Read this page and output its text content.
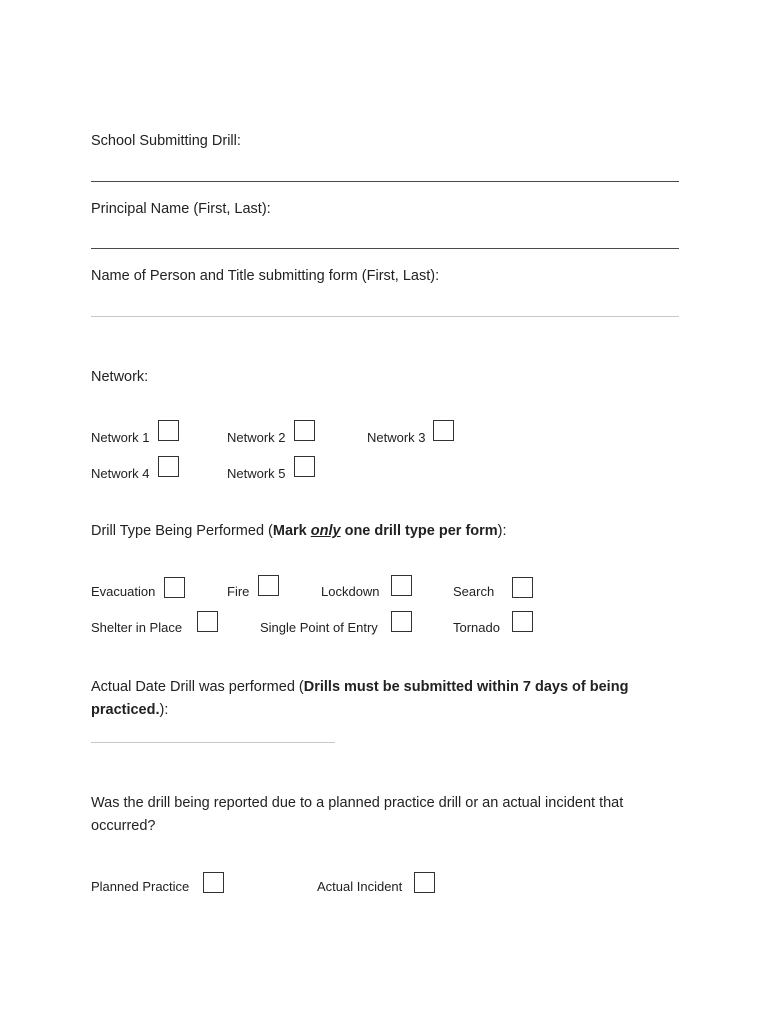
School Submitting Drill:
Principal Name (First, Last):
Name of Person and Title submitting form (First, Last):
Network:
Network 1	Network 2	Network 3
Network 4	Network 5
Drill Type Being Performed (Mark only one drill type per form):
Evacuation	Fire	Lockdown	Search
Shelter in Place	Single Point of Entry	Tornado
Actual Date Drill was performed (Drills must be submitted within 7 days of being practiced.):
Was the drill being reported due to a planned practice drill or an actual incident that occurred?
Planned Practice	Actual Incident
